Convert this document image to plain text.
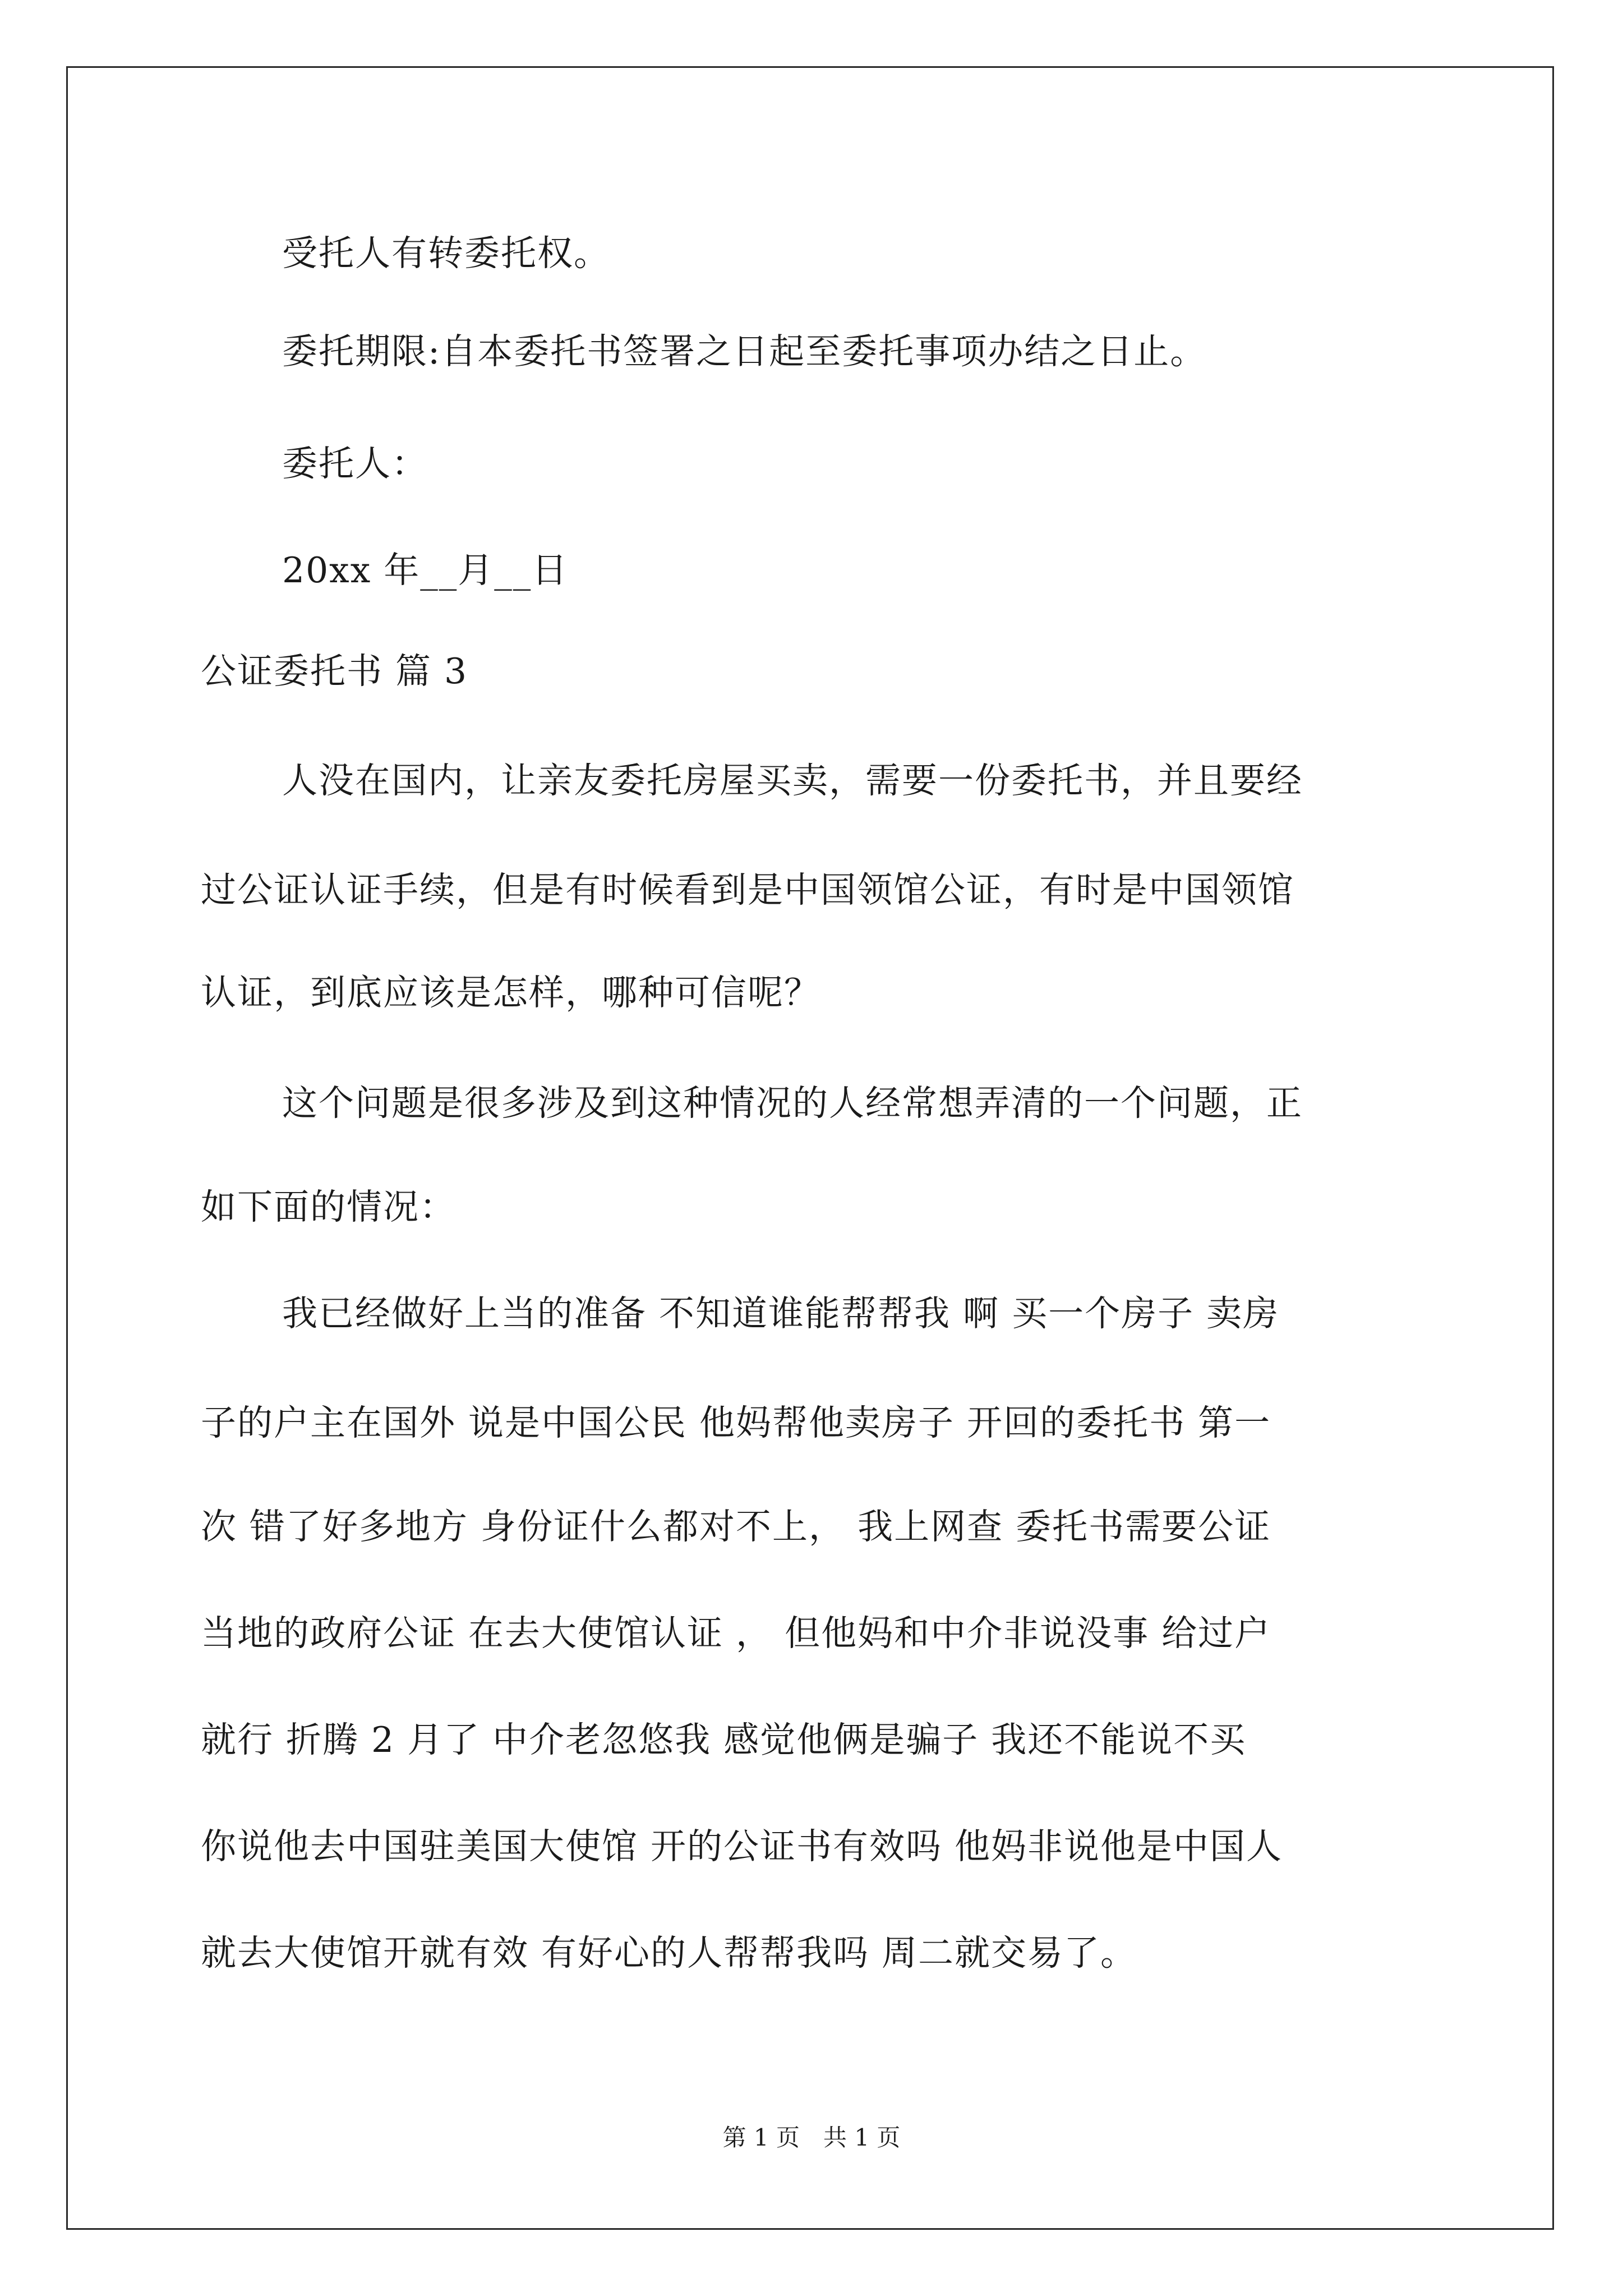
受托人有转委托权。
委托期限:自本委托书签署之日起至委托事项办结之日止。
委托人：
20xx 年__月__日
公证委托书 篇 3
人没在国内，让亲友委托房屋买卖，需要一份委托书，并且要经
过公证认证手续，但是有时候看到是中国领馆公证，有时是中国领馆
认证，到底应该是怎样，哪种可信呢？
这个问题是很多涉及到这种情况的人经常想弄清的一个问题，正
如下面的情况：
我已经做好上当的准备 不知道谁能帮帮我 啊 买一个房子 卖房
子的户主在国外 说是中国公民 他妈帮他卖房子 开回的委托书 第一
次 错了好多地方 身份证什么都对不上， 我上网查 委托书需要公证
当地的政府公证 在去大使馆认证 ， 但他妈和中介非说没事 给过户
就行 折腾 2 月了 中介老忽悠我 感觉他俩是骗子 我还不能说不买
你说他去中国驻美国大使馆 开的公证书有效吗 他妈非说他是中国人
就去大使馆开就有效 有好心的人帮帮我吗 周二就交易了。
第 1 页　共 1 页
